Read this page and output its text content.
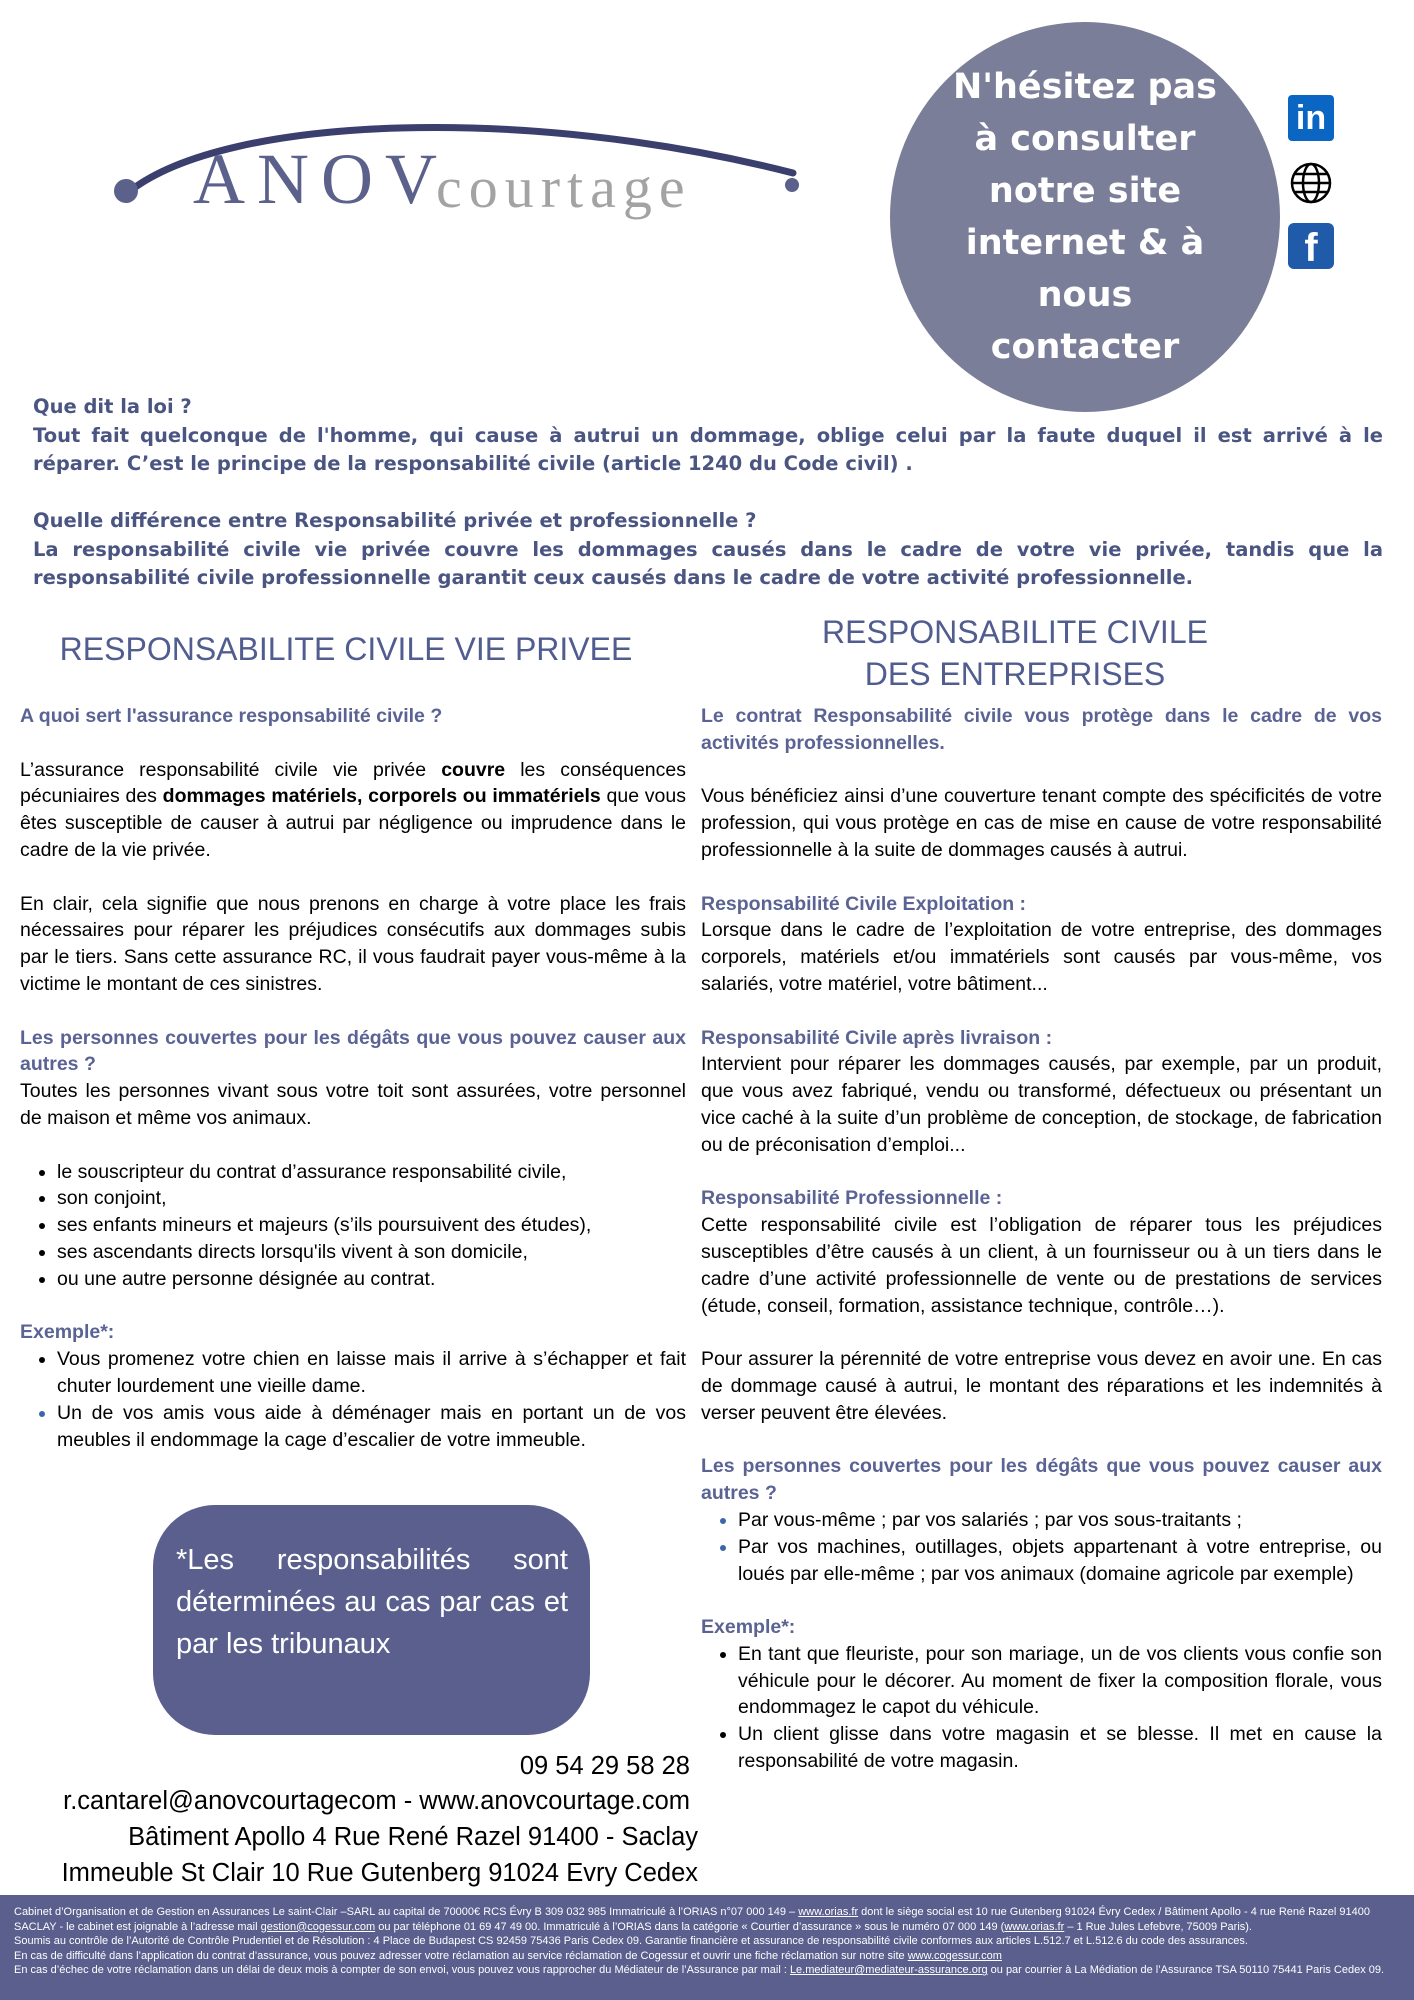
ANOV
courtage
N'hésitez pas à consulter notre site internet & à nous contacter
in
f

Que dit la loi ?

Tout fait quelconque de l'homme, qui cause à autrui un dommage, oblige celui par la faute duquel il est arrivé à le réparer. C’est le principe de la responsabilité civile (article 1240 du Code civil) .

Quelle différence entre Responsabilité privée et professionnelle ?

La responsabilité civile vie privée couvre les dommages causés dans le cadre de votre vie privée, tandis que la responsabilité civile professionnelle garantit ceux causés dans le cadre de votre activité professionnelle.

RESPONSABILITE CIVILE VIE PRIVEE	RESPONSABILITE CIVILE
DES ENTREPRISES

A quoi sert l'assurance responsabilité civile ?

L’assurance responsabilité civile vie privée couvre les conséquences pécuniaires des dommages matériels, corporels ou immatériels que vous êtes susceptible de causer à autrui par négligence ou imprudence dans le cadre de la vie privée.

En clair, cela signifie que nous prenons en charge à votre place les frais nécessaires pour réparer les préjudices consécutifs aux dommages subis par le tiers. Sans cette assurance RC, il vous faudrait payer vous-même à la victime le montant de ces sinistres.

Les personnes couvertes pour les dégâts que vous pouvez causer aux autres ?

Toutes les personnes vivant sous votre toit sont assurées, votre personnel de maison et même vos animaux.

• le souscripteur du contrat d’assurance responsabilité civile,
• son conjoint,
• ses enfants mineurs et majeurs (s’ils poursuivent des études),
• ses ascendants directs lorsqu'ils vivent à son domicile,
• ou une autre personne désignée au contrat.

Exemple*:

• Vous promenez votre chien en laisse mais il arrive à s’échapper et fait chuter lourdement une vieille dame.
• Un de vos amis vous aide à déménager mais en portant un de vos meubles il endommage la cage d’escalier de votre immeuble.
*Les responsabilités sont déterminées au cas par cas et par les tribunaux
09 54 29 58 28
r.cantarel@anovcourtagecom - www.anovcourtage.com
Bâtiment Apollo 4 Rue René Razel 91400 - Saclay
Immeuble St Clair 10 Rue Gutenberg 91024 Evry Cedex

Le contrat Responsabilité civile vous protège dans le cadre de vos activités professionnelles.

Vous bénéficiez ainsi d’une couverture tenant compte des spécificités de votre profession, qui vous protège en cas de mise en cause de votre responsabilité professionnelle à la suite de dommages causés à autrui.

Responsabilité Civile Exploitation :

Lorsque dans le cadre de l’exploitation de votre entreprise, des dommages corporels, matériels et/ou immatériels sont causés par vous-même, vos salariés, votre matériel, votre bâtiment...

Responsabilité Civile après livraison :

Intervient pour réparer les dommages causés, par exemple, par un produit, que vous avez fabriqué, vendu ou transformé, défectueux ou présentant un vice caché à la suite d’un problème de conception, de stockage, de fabrication ou de préconisation d’emploi...

Responsabilité Professionnelle :

Cette responsabilité civile est l’obligation de réparer tous les préjudices susceptibles d’être causés à un client, à un fournisseur ou à un tiers dans le cadre d’une activité professionnelle de vente ou de prestations de services (étude, conseil, formation, assistance technique, contrôle…).

Pour assurer la pérennité de votre entreprise vous devez en avoir une. En cas de dommage causé à autrui, le montant des réparations et les indemnités à verser peuvent être élevées.

Les personnes couvertes pour les dégâts que vous pouvez causer aux autres ?

• Par vous-même ; par vos salariés ; par vos sous-traitants ;
• Par vos machines, outillages, objets appartenant à votre entreprise, ou loués par elle-même ; par vos animaux (domaine agricole par exemple)

Exemple*:

• En tant que fleuriste, pour son mariage, un de vos clients vous confie son véhicule pour le décorer. Au moment de fixer la composition florale, vous endommagez le capot du véhicule.
• Un client glisse dans votre magasin et se blesse. Il met en cause la responsabilité de votre magasin.

Cabinet d’Organisation et de Gestion en Assurances Le saint-Clair –SARL au capital de 70000€ RCS Évry B 309 032 985 Immatriculé à l’ORIAS n°07 000 149 – www.orias.fr dont le siège social est 10 rue Gutenberg 91024 Évry Cedex / Bâtiment Apollo - 4 rue René Razel 91400 SACLAY - le cabinet est joignable à l’adresse mail gestion@cogessur.com ou par téléphone 01 69 47 49 00. Immatriculé à l’ORIAS dans la catégorie « Courtier d’assurance » sous le numéro 07 000 149 (www.orias.fr – 1 Rue Jules Lefebvre, 75009 Paris).

Soumis au contrôle de l’Autorité de Contrôle Prudentiel et de Résolution : 4 Place de Budapest CS 92459 75436 Paris Cedex 09. Garantie financière et assurance de responsabilité civile conformes aux articles L.512.7 et L.512.6 du code des assurances.

En cas de difficulté dans l’application du contrat d’assurance, vous pouvez adresser votre réclamation au service réclamation de Cogessur et ouvrir une fiche réclamation sur notre site www.cogessur.com

En cas d’échec de votre réclamation dans un délai de deux mois à compter de son envoi, vous pouvez vous rapprocher du Médiateur de l’Assurance par mail : Le.mediateur@mediateur-assurance.org ou par courrier à La Médiation de l’Assurance TSA 50110 75441 Paris Cedex 09.
